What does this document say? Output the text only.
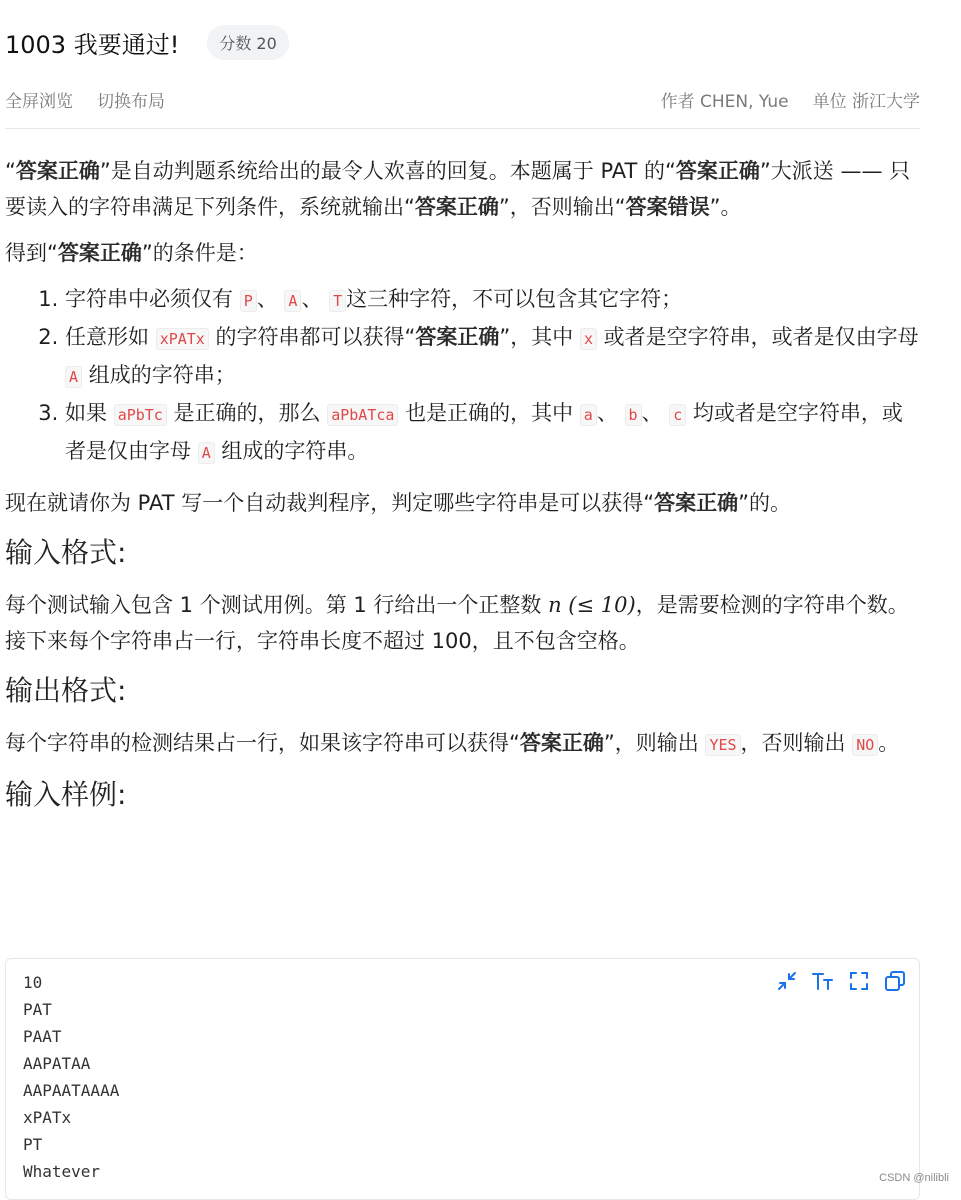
1003 我要通过!	分数 20
全屏浏览 切换布局	作者 CHEN, Yue 单位 浙江大学

“答案正确”是自动判题系统给出的最令人欢喜的回复。本题属于 PAT 的“答案正确”大派送 —— 只要读入的字符串满足下列条件，系统就输出“答案正确”，否则输出“答案错误”。

得到“答案正确”的条件是：

1. 字符串中必须仅有 P 、 A 、 T 这三种字符，不可以包含其它字符；
2. 任意形如 xPATx 的字符串都可以获得“答案正确”，其中 x 或者是空字符串，或者是仅由字母 A 组成的字符串；
3. 如果 aPbTc 是正确的，那么 aPbATca 也是正确的，其中 a 、 b 、 c 均或者是空字符串，或者是仅由字母 A 组成的字符串。

现在就请你为 PAT 写一个自动裁判程序，判定哪些字符串是可以获得“答案正确”的。

输入格式:

每个测试输入包含 1 个测试用例。第 1 行给出一个正整数 n (≤ 10)，是需要检测的字符串个数。接下来每个字符串占一行，字符串长度不超过 100，且不包含空格。

输出格式:

每个字符串的检测结果占一行，如果该字符串可以获得“答案正确”，则输出 YES ，否则输出 NO 。

输入样例:
10
PAT
PAAT
AAPATAA
AAPAATAAAA
xPATx
PT
Whatever	CSDN @nilibli
